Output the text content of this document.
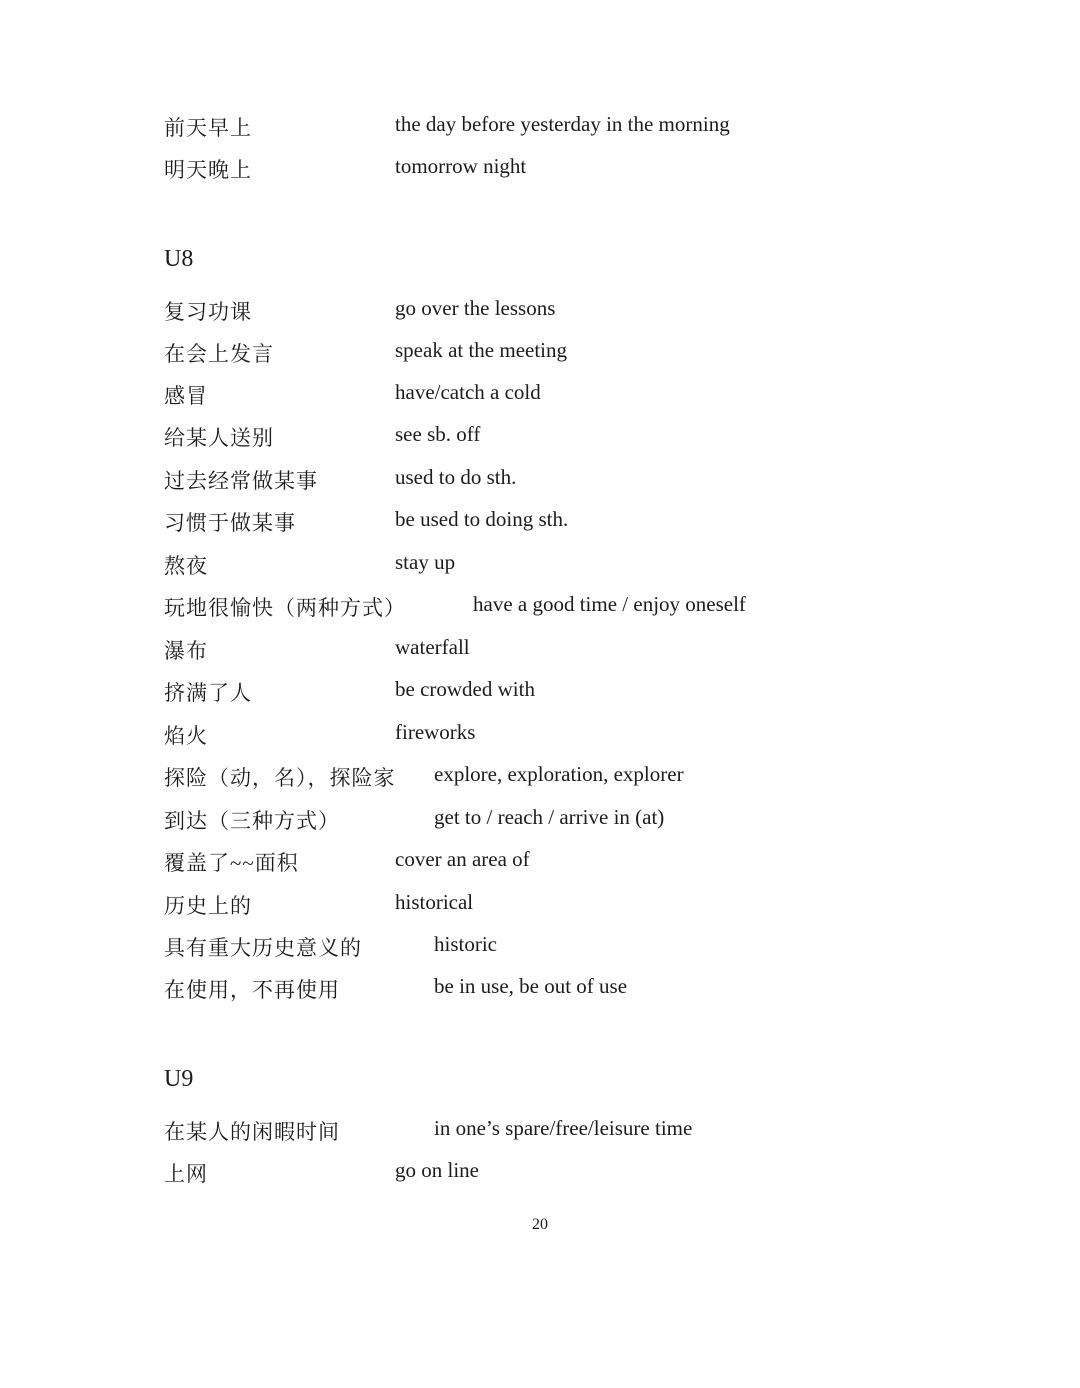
前天早上	the day before yesterday in the morning
明天晚上	tomorrow night
U8
复习功课	go over the lessons
在会上发言	speak at the meeting
感冒	have/catch a cold
给某人送别	see sb. off
过去经常做某事	used to do sth.
习惯于做某事	be used to doing sth.
熬夜	stay up
玩地很愉快（两种方式）	have a good time / enjoy oneself
瀑布	waterfall
挤满了人	be crowded with
焰火	fireworks
探险（动，名），探险家 explore, exploration, explorer
到达（三种方式）	get to / reach / arrive in (at)
覆盖了~~面积	cover an area of
历史上的	historical
具有重大历史意义的	historic
在使用，不再使用	be in use, be out of use
U9
在某人的闲暇时间	in one’s spare/free/leisure time
上网	go on line
20
